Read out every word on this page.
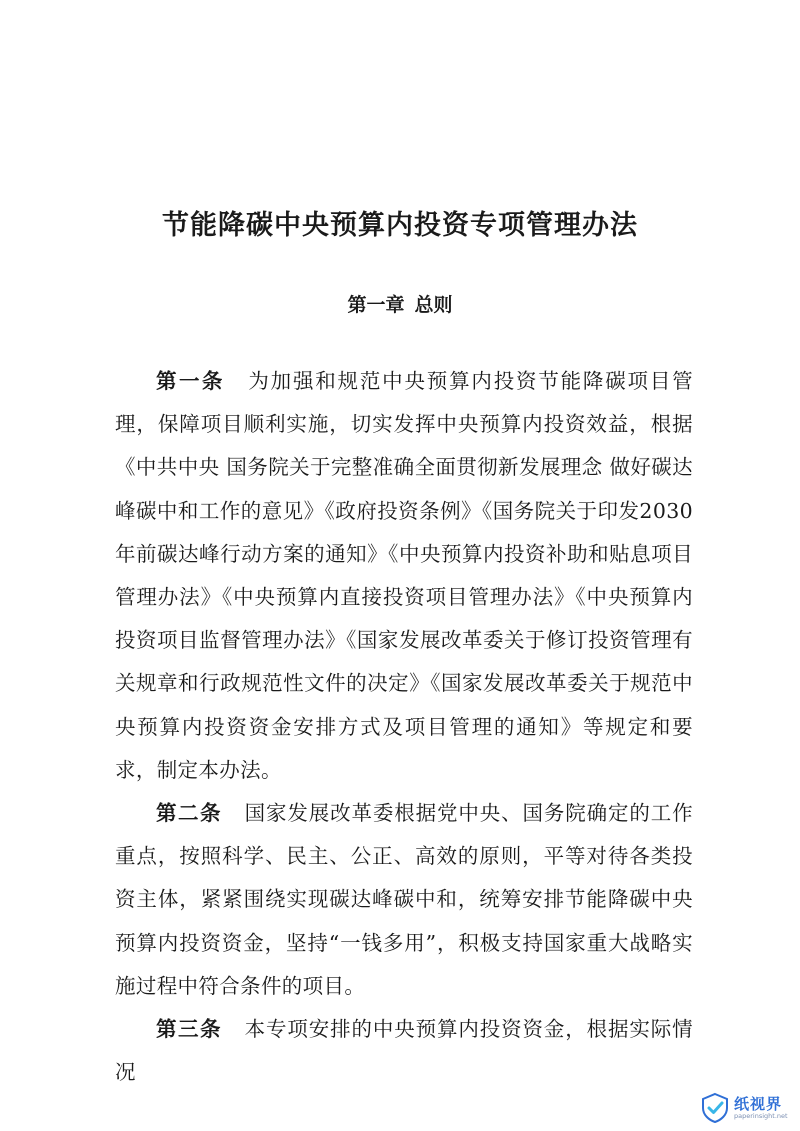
节能降碳中央预算内投资专项管理办法
第一章 总则

第一条 为加强和规范中央预算内投资节能降碳项目管理，保障项目顺利实施，切实发挥中央预算内投资效益，根据《中共中央 国务院关于完整准确全面贯彻新发展理念 做好碳达峰碳中和工作的意见》《政府投资条例》《国务院关于印发2030年前碳达峰行动方案的通知》《中央预算内投资补助和贴息项目管理办法》《中央预算内直接投资项目管理办法》《中央预算内投资项目监督管理办法》《国家发展改革委关于修订投资管理有关规章和行政规范性文件的决定》《国家发展改革委关于规范中央预算内投资资金安排方式及项目管理的通知》等规定和要求，制定本办法。

第二条 国家发展改革委根据党中央、国务院确定的工作重点，按照科学、民主、公正、高效的原则，平等对待各类投资主体，紧紧围绕实现碳达峰碳中和，统筹安排节能降碳中央预算内投资资金，坚持“一钱多用”，积极支持国家重大战略实施过程中符合条件的项目。

第三条 本专项安排的中央预算内投资资金，根据实际情况

纸视界
paperinsight.net
